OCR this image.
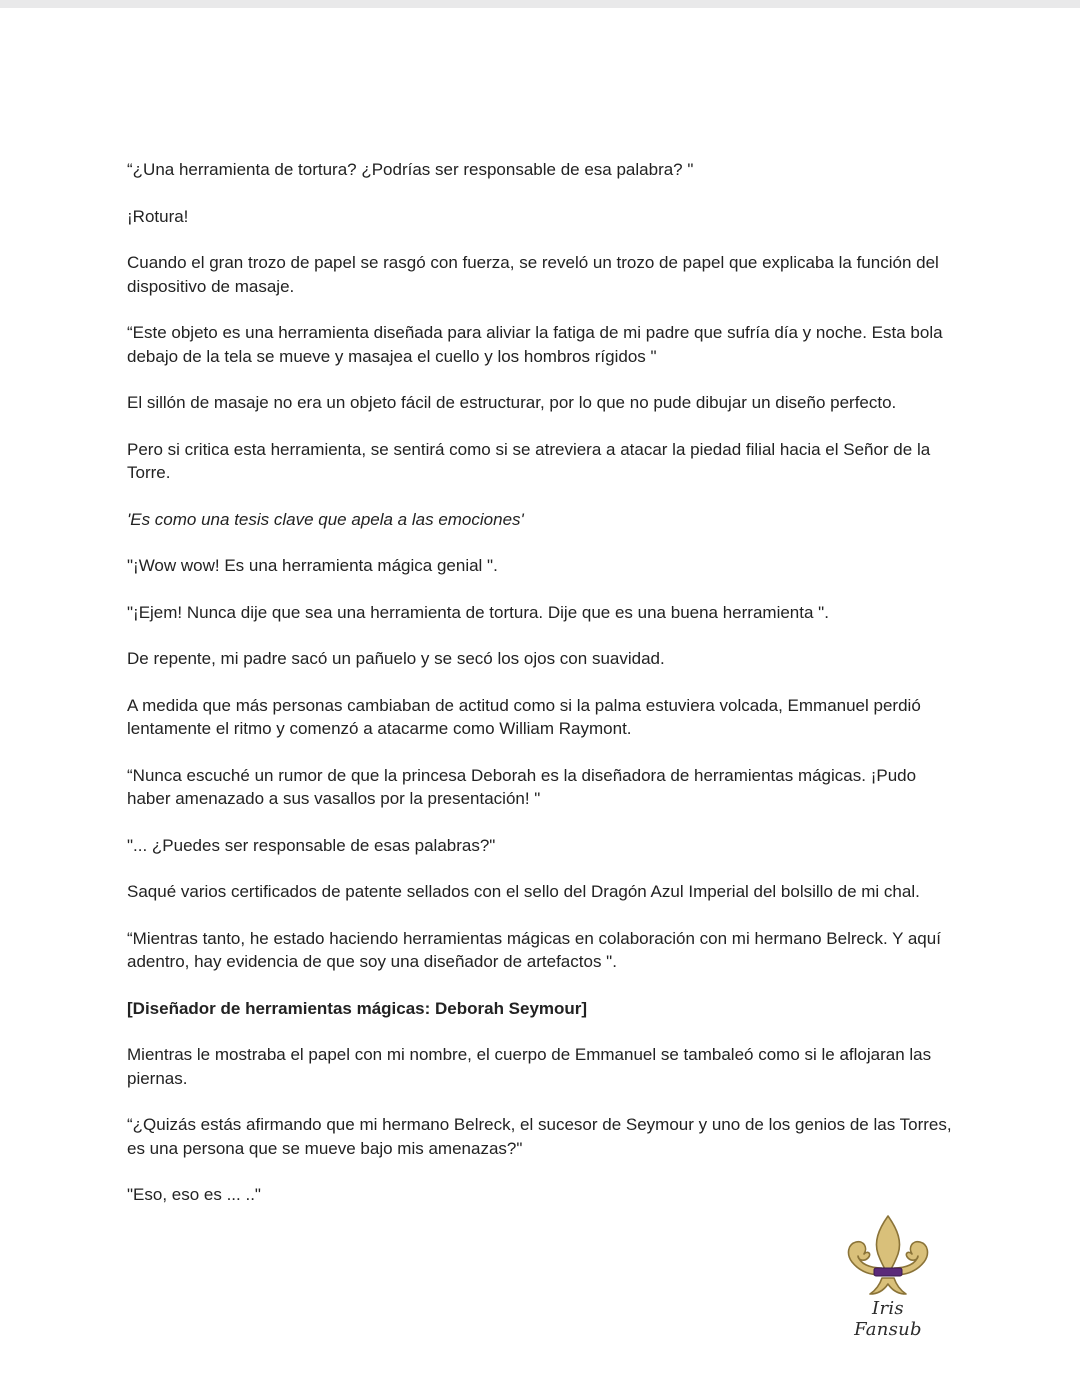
“¿Una herramienta de tortura? ¿Podrías ser responsable de esa palabra? "

¡Rotura!

Cuando el gran trozo de papel se rasgó con fuerza, se reveló un trozo de papel que explicaba la función del dispositivo de masaje.

“Este objeto es una herramienta diseñada para aliviar la fatiga de mi padre que sufría día y noche. Esta bola debajo de la tela se mueve y masajea el cuello y los hombros rígidos "

El sillón de masaje no era un objeto fácil de estructurar, por lo que no pude dibujar un diseño perfecto.

Pero si critica esta herramienta, se sentirá como si se atreviera a atacar la piedad filial hacia el Señor de la Torre.

'Es como una tesis clave que apela a las emociones'

"¡Wow wow! Es una herramienta mágica genial ".

"¡Ejem! Nunca dije que sea una herramienta de tortura. Dije que es una buena herramienta ".

De repente, mi padre sacó un pañuelo y se secó los ojos con suavidad.

A medida que más personas cambiaban de actitud como si la palma estuviera volcada, Emmanuel perdió lentamente el ritmo y comenzó a atacarme como William Raymont.

“Nunca escuché un rumor de que la princesa Deborah es la diseñadora de herramientas mágicas. ¡Pudo haber amenazado a sus vasallos por la presentación! "

"... ¿Puedes ser responsable de esas palabras?"

Saqué varios certificados de patente sellados con el sello del Dragón Azul Imperial del bolsillo de mi chal.

“Mientras tanto, he estado haciendo herramientas mágicas en colaboración con mi hermano Belreck. Y aquí adentro, hay evidencia de que soy una diseñador de artefactos ".

[Diseñador de herramientas mágicas: Deborah Seymour]

Mientras le mostraba el papel con mi nombre, el cuerpo de Emmanuel se tambaleó como si le aflojaran las piernas.

“¿Quizás estás afirmando que mi hermano Belreck, el sucesor de Seymour y uno de los genios de las Torres, es una persona que se mueve bajo mis amenazas?"

"Eso, eso es ... .."

Iris Fansub
